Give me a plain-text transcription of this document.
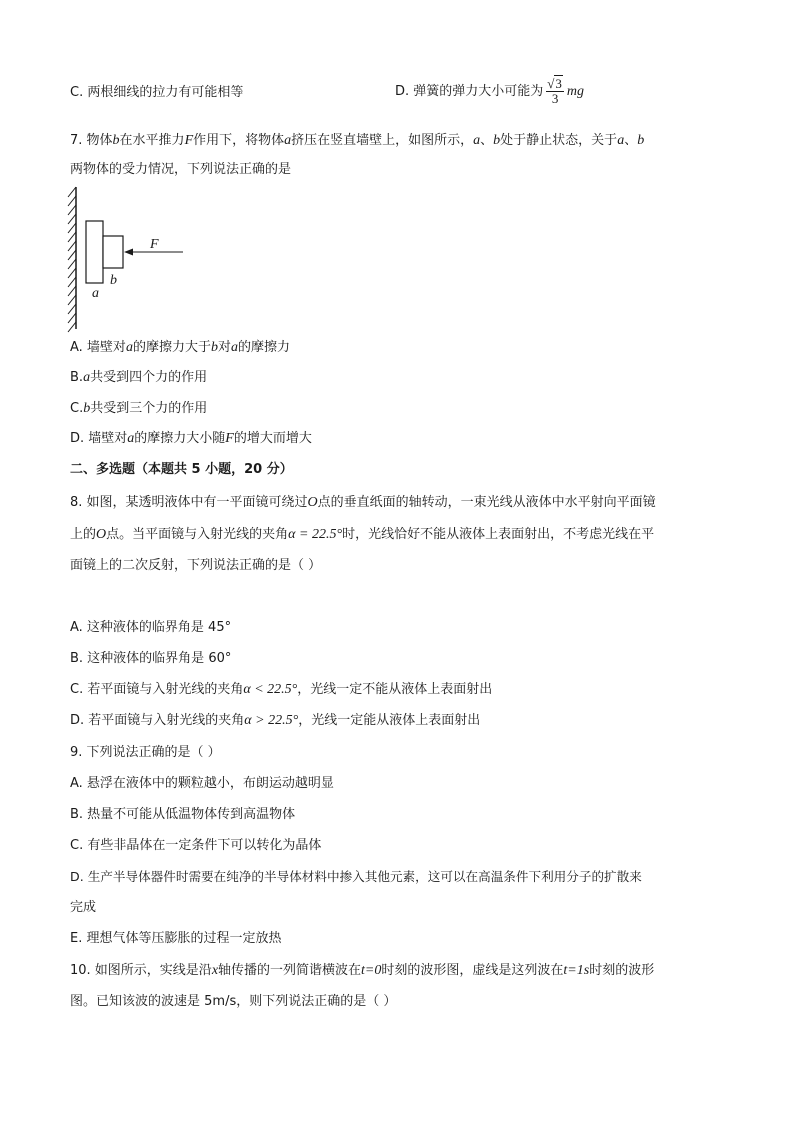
C. 两根细线的拉力有可能相等	D. 弹簧的弹力大小可能为 $\frac{√3}{3}$ mg
7. 物体b在水平推力F作用下，将物体a挤压在竖直墙壁上，如图所示，a、b处于静止状态，关于a、b
两物体的受力情况，下列说法正确的是
F
b
a
A. 墙壁对a的摩擦力大于b对a的摩擦力
B.a共受到四个力的作用
C.b共受到三个力的作用
D. 墙壁对a的摩擦力大小随F的增大而增大
二、多选题（本题共 5 小题，20 分）
8. 如图，某透明液体中有一平面镜可绕过O点的垂直纸面的轴转动，一束光线从液体中水平射向平面镜
上的O点。当平面镜与入射光线的夹角α = 22.5°时，光线恰好不能从液体上表面射出，不考虑光线在平
面镜上的二次反射，下列说法正确的是（ ）
A. 这种液体的临界角是 45°
B. 这种液体的临界角是 60°
C. 若平面镜与入射光线的夹角α < 22.5°，光线一定不能从液体上表面射出
D. 若平面镜与入射光线的夹角α > 22.5°，光线一定能从液体上表面射出
9. 下列说法正确的是（ ）
A. 悬浮在液体中的颗粒越小，布朗运动越明显
B. 热量不可能从低温物体传到高温物体
C. 有些非晶体在一定条件下可以转化为晶体
D. 生产半导体器件时需要在纯净的半导体材料中掺入其他元素，这可以在高温条件下利用分子的扩散来
完成
E. 理想气体等压膨胀的过程一定放热
10. 如图所示，实线是沿x轴传播的一列简谐横波在t=0时刻的波形图，虚线是这列波在t=1s时刻的波形
图。已知该波的波速是 5m/s，则下列说法正确的是（ ）
